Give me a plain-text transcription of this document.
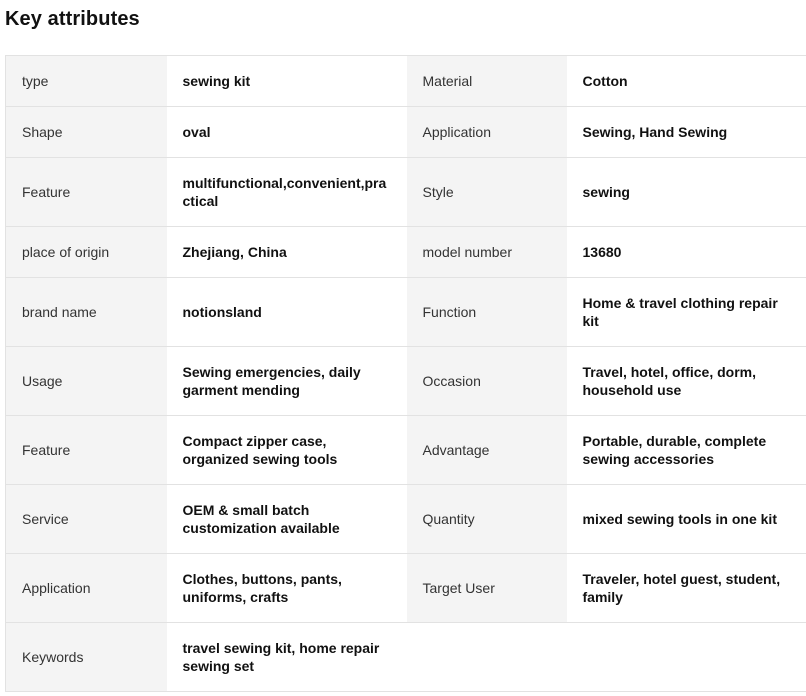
Key attributes
type	sewing kit	Material	Cotton
Shape	oval	Application	Sewing, Hand Sewing
Feature	multifunctional,convenient,practical	Style	sewing
place of origin	Zhejiang, China	model number	13680
brand name	notionsland	Function	Home & travel clothing repair kit
Usage	Sewing emergencies, daily garment mending	Occasion	Travel, hotel, office, dorm, household use
Feature	Compact zipper case, organized sewing tools	Advantage	Portable, durable, complete sewing accessories
Service	OEM & small batch customization available	Quantity	mixed sewing tools in one kit
Application	Clothes, buttons, pants, uniforms, crafts	Target User	Traveler, hotel guest, student, family
Keywords	travel sewing kit, home repair sewing set		
